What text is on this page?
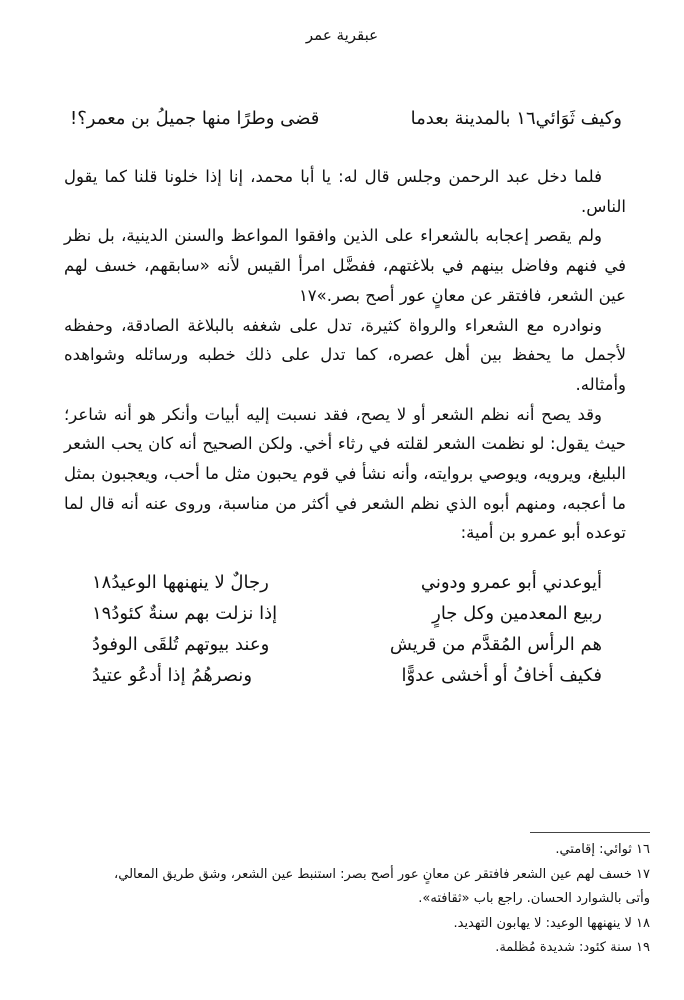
عبقرية عمر
وكيف ثَوَائي١٦ بالمدينة بعدما
قضى وطرًا منها جميلُ بن معمر؟!

فلما دخل عبد الرحمن وجلس قال له: يا أبا محمد، إنا إذا خلونا قلنا كما يقول الناس.

ولم يقصر إعجابه بالشعراء على الذين وافقوا المواعظ والسنن الدينية، بل نظر في فنهم وفاضل بينهم في بلاغتهم، ففضَّل امرأ القيس لأنه «سابقهم، خسف لهم عين الشعر، فافتقر عن معانٍ عور أصح بصر.»١٧

ونوادره مع الشعراء والرواة كثيرة، تدل على شغفه بالبلاغة الصادقة، وحفظه لأجمل ما يحفظ بين أهل عصره، كما تدل على ذلك خطبه ورسائله وشواهده وأمثاله.

وقد يصح أنه نظم الشعر أو لا يصح، فقد نسبت إليه أبيات وأنكر هو أنه شاعر؛ حيث يقول: لو نظمت الشعر لقلته في رثاء أخي. ولكن الصحيح أنه كان يحب الشعر البليغ، ويرويه، ويوصي بروايته، وأنه نشأ في قوم يحبون مثل ما أحب، ويعجبون بمثل ما أعجبه، ومنهم أبوه الذي نظم الشعر في أكثر من مناسبة، وروى عنه أنه قال لما توعده أبو عمرو بن أمية:

أيوعدني أبو عمرو ودوني
رجالٌ لا ينهنهها الوعيدُ١٨
ربيع المعدمين وكل جارٍ
إذا نزلت بهم سنةٌ كئودُ١٩
هم الرأس المُقدَّم من قريش
وعند بيوتهم تُلقَى الوفودُ
فكيف أخافُ أو أخشى عدوًّا
ونصرهُمُ إذا أدعُو عتيدُ
١٦ ثوائي: إقامتي.
١٧ خسف لهم عين الشعر فافتقر عن معانٍ عور أصح بصر: استنبط عين الشعر، وشق طريق المعالي،
وأتى بالشوارد الحسان. راجع باب «ثقافته».
١٨ لا ينهنهها الوعيد: لا يهابون التهديد.
١٩ سنة كئود: شديدة مُظلمة.
